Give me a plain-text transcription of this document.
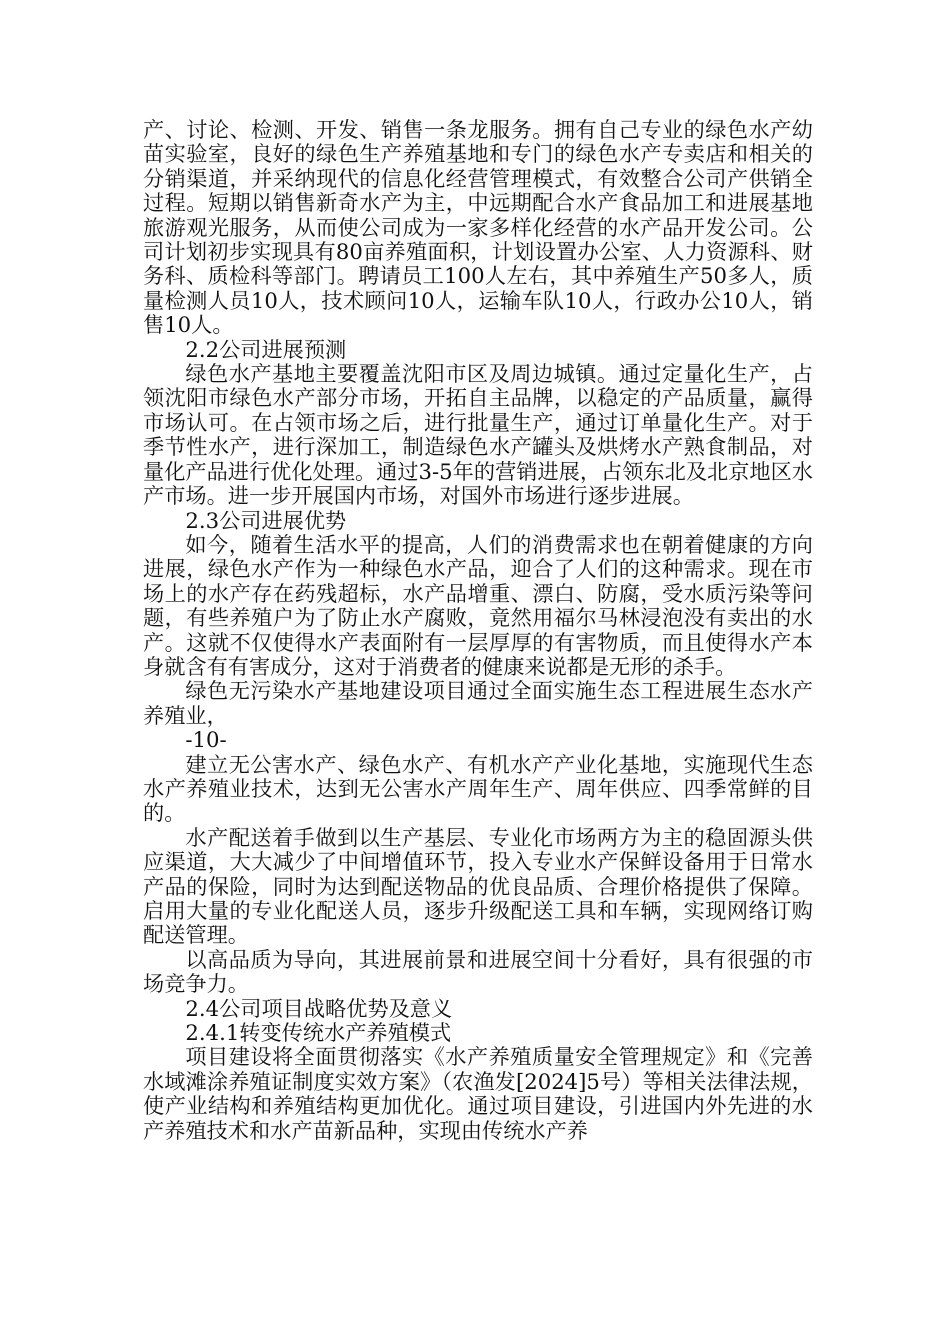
产、讨论、检测、开发、销售一条龙服务。拥有自己专业的绿色水产幼苗实验室，良好的绿色生产养殖基地和专门的绿色水产专卖店和相关的分销渠道，并采纳现代的信息化经营管理模式，有效整合公司产供销全过程。短期以销售新奇水产为主，中远期配合水产食品加工和进展基地旅游观光服务，从而使公司成为一家多样化经营的水产品开发公司。公司计划初步实现具有80亩养殖面积，计划设置办公室、人力资源科、财务科、质检科等部门。聘请员工100人左右，其中养殖生产50多人，质量检测人员10人，技术顾问10人，运输车队10人，行政办公10人，销售10人。

2.2公司进展预测

绿色水产基地主要覆盖沈阳市区及周边城镇。通过定量化生产，占领沈阳市绿色水产部分市场，开拓自主品牌，以稳定的产品质量，赢得市场认可。在占领市场之后，进行批量生产，通过订单量化生产。对于季节性水产，进行深加工，制造绿色水产罐头及烘烤水产熟食制品，对量化产品进行优化处理。通过3-5年的营销进展，占领东北及北京地区水产市场。进一步开展国内市场，对国外市场进行逐步进展。

2.3公司进展优势

如今，随着生活水平的提高，人们的消费需求也在朝着健康的方向进展，绿色水产作为一种绿色水产品，迎合了人们的这种需求。现在市场上的水产存在药残超标，水产品增重、漂白、防腐，受水质污染等问题，有些养殖户为了防止水产腐败，竟然用福尔马林浸泡没有卖出的水产。这就不仅使得水产表面附有一层厚厚的有害物质，而且使得水产本身就含有有害成分，这对于消费者的健康来说都是无形的杀手。

绿色无污染水产基地建设项目通过全面实施生态工程进展生态水产养殖业，

-10-

建立无公害水产、绿色水产、有机水产产业化基地，实施现代生态水产养殖业技术，达到无公害水产周年生产、周年供应、四季常鲜的目的。

水产配送着手做到以生产基层、专业化市场两方为主的稳固源头供应渠道，大大减少了中间增值环节，投入专业水产保鲜设备用于日常水产品的保险，同时为达到配送物品的优良品质、合理价格提供了保障。启用大量的专业化配送人员，逐步升级配送工具和车辆，实现网络订购配送管理。

以高品质为导向，其进展前景和进展空间十分看好，具有很强的市场竞争力。

2.4公司项目战略优势及意义

2.4.1转变传统水产养殖模式

项目建设将全面贯彻落实《水产养殖质量安全管理规定》和《完善水域滩涂养殖证制度实效方案》（农渔发[2024]5号）等相关法律法规，使产业结构和养殖结构更加优化。通过项目建设，引进国内外先进的水产养殖技术和水产苗新品种，实现由传统水产养
